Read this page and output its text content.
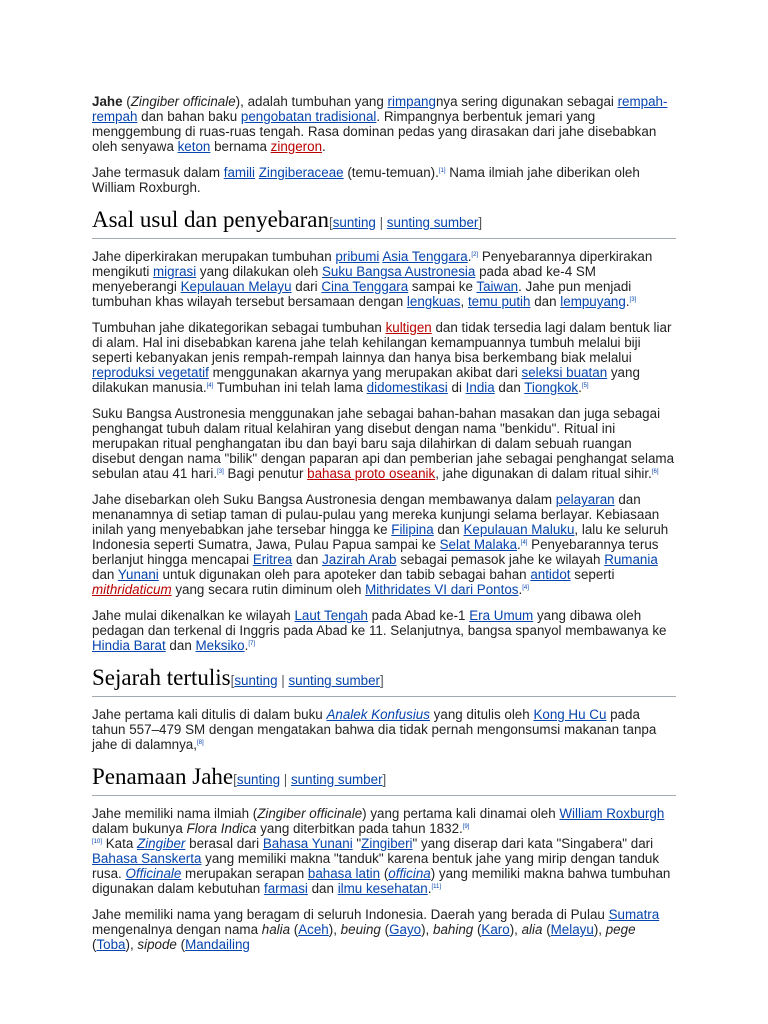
Jahe (Zingiber officinale), adalah tumbuhan yang rimpangnya sering digunakan sebagai rempah-rempah dan bahan baku pengobatan tradisional. Rimpangnya berbentuk jemari yang menggembung di ruas-ruas tengah. Rasa dominan pedas yang dirasakan dari jahe disebabkan oleh senyawa keton bernama zingeron.

Jahe termasuk dalam famili Zingiberaceae (temu-temuan).[1] Nama ilmiah jahe diberikan oleh William Roxburgh.

Asal usul dan penyebaran[sunting | sunting sumber]

Jahe diperkirakan merupakan tumbuhan pribumi Asia Tenggara.[2] Penyebarannya diperkirakan mengikuti migrasi yang dilakukan oleh Suku Bangsa Austronesia pada abad ke-4 SM menyeberangi Kepulauan Melayu dari Cina Tenggara sampai ke Taiwan. Jahe pun menjadi tumbuhan khas wilayah tersebut bersamaan dengan lengkuas, temu putih dan lempuyang.[3]

Tumbuhan jahe dikategorikan sebagai tumbuhan kultigen dan tidak tersedia lagi dalam bentuk liar di alam. Hal ini disebabkan karena jahe telah kehilangan kemampuannya tumbuh melalui biji seperti kebanyakan jenis rempah-rempah lainnya dan hanya bisa berkembang biak melalui reproduksi vegetatif menggunakan akarnya yang merupakan akibat dari seleksi buatan yang dilakukan manusia.[4] Tumbuhan ini telah lama didomestikasi di India dan Tiongkok.[5]

Suku Bangsa Austronesia menggunakan jahe sebagai bahan-bahan masakan dan juga sebagai penghangat tubuh dalam ritual kelahiran yang disebut dengan nama "benkidu". Ritual ini merupakan ritual penghangatan ibu dan bayi baru saja dilahirkan di dalam sebuah ruangan disebut dengan nama "bilik" dengan paparan api dan pemberian jahe sebagai penghangat selama sebulan atau 41 hari.[3] Bagi penutur bahasa proto oseanik, jahe digunakan di dalam ritual sihir.[6]

Jahe disebarkan oleh Suku Bangsa Austronesia dengan membawanya dalam pelayaran dan menanamnya di setiap taman di pulau-pulau yang mereka kunjungi selama berlayar. Kebiasaan inilah yang menyebabkan jahe tersebar hingga ke Filipina dan Kepulauan Maluku, lalu ke seluruh Indonesia seperti Sumatra, Jawa, Pulau Papua sampai ke Selat Malaka.[4] Penyebarannya terus berlanjut hingga mencapai Eritrea dan Jazirah Arab sebagai pemasok jahe ke wilayah Rumania dan Yunani untuk digunakan oleh para apoteker dan tabib sebagai bahan antidot seperti mithridaticum yang secara rutin diminum oleh Mithridates VI dari Pontos.[4]

Jahe mulai dikenalkan ke wilayah Laut Tengah pada Abad ke-1 Era Umum yang dibawa oleh pedagan dan terkenal di Inggris pada Abad ke 11. Selanjutnya, bangsa spanyol membawanya ke Hindia Barat dan Meksiko.[7]

Sejarah tertulis[sunting | sunting sumber]

Jahe pertama kali ditulis di dalam buku Analek Konfusius yang ditulis oleh Kong Hu Cu pada tahun 557–479 SM dengan mengatakan bahwa dia tidak pernah mengonsumsi makanan tanpa jahe di dalamnya,[8]

Penamaan Jahe[sunting | sunting sumber]

Jahe memiliki nama ilmiah (Zingiber officinale) yang pertama kali dinamai oleh William Roxburgh dalam bukunya Flora Indica yang diterbitkan pada tahun 1832.[9]
[10] Kata Zingiber berasal dari Bahasa Yunani "Zingiberi" yang diserap dari kata "Singabera" dari Bahasa Sanskerta yang memiliki makna "tanduk" karena bentuk jahe yang mirip dengan tanduk rusa. Officinale merupakan serapan bahasa latin (officina) yang memiliki makna bahwa tumbuhan digunakan dalam kebutuhan farmasi dan ilmu kesehatan.[11]

Jahe memiliki nama yang beragam di seluruh Indonesia. Daerah yang berada di Pulau Sumatra mengenalnya dengan nama halia (Aceh), beuing (Gayo), bahing (Karo), alia (Melayu), pege (Toba), sipode (Mandailing
